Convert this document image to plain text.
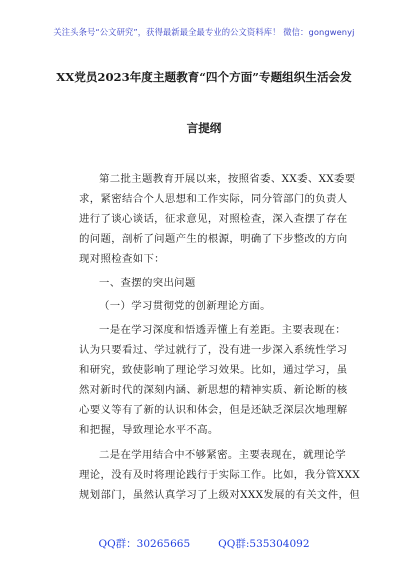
关注头条号“公文研究”，获得最新最全最专业的公文资料库！ 微信：gongwenyj
XX党员2023年度主题教育“四个方面”专题组织生活会发
言提纲
第二批主题教育开展以来，按照省委、XX委、XX委要
求，紧密结合个人思想和工作实际，同分管部门的负责人
进行了谈心谈话，征求意见，对照检查，深入查摆了存在
的问题，剖析了问题产生的根源，明确了下步整改的方向
现对照检查如下：
一、查摆的突出问题
（一）学习贯彻党的创新理论方面。
一是在学习深度和悟透弄懂上有差距。主要表现在：
认为只要看过、学过就行了，没有进一步深入系统性学习
和研究，致使影响了理论学习效果。比如，通过学习，虽
然对新时代的深刻内涵、新思想的精神实质、新论断的核
心要义等有了新的认识和体会，但是还缺乏深层次地理解
和把握，导致理论水平不高。
二是在学用结合中不够紧密。主要表现在，就理论学
理论，没有及时将理论践行于实际工作。比如，我分管XXX
规划部门，虽然认真学习了上级对XXX发展的有关文件，但
QQ群：30265665	QQ群:535304092
